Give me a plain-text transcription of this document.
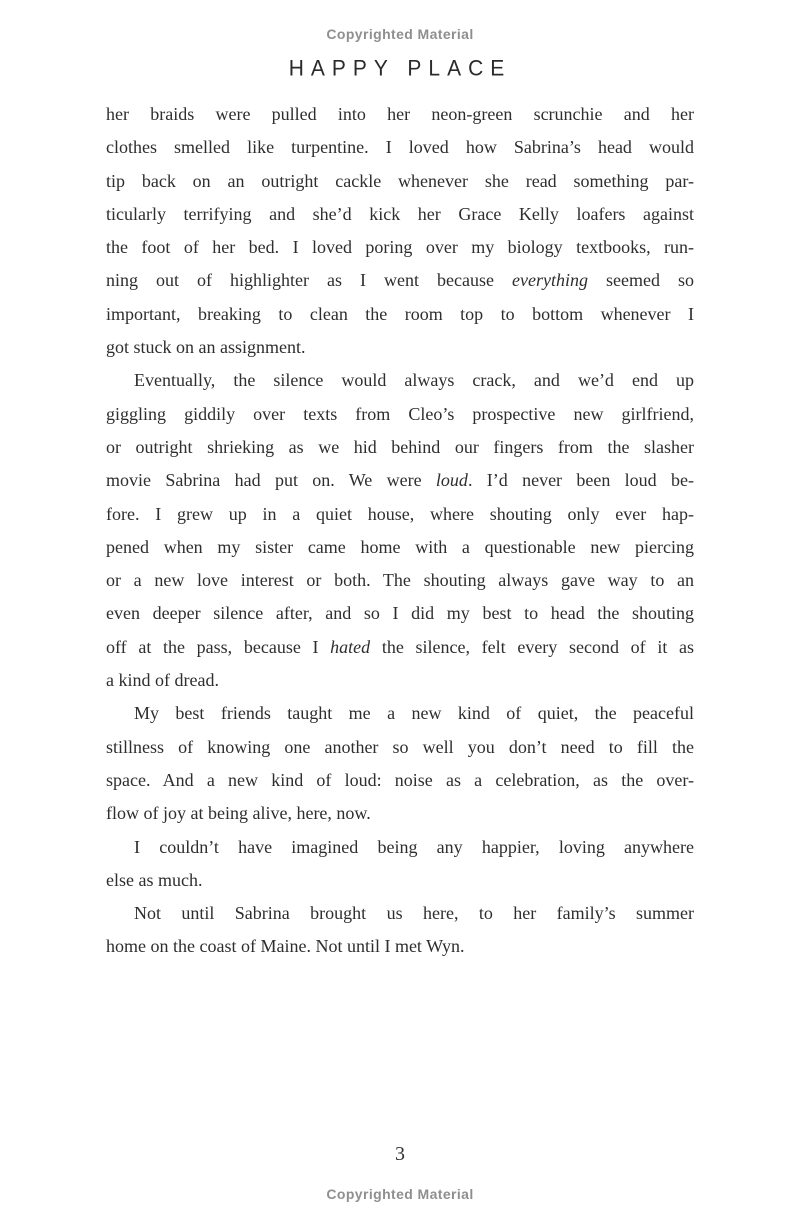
Copyrighted Material
HAPPY PLACE
her braids were pulled into her neon-green scrunchie and her
clothes smelled like turpentine. I loved how Sabrina’s head would
tip back on an outright cackle whenever she read something par-
ticularly terrifying and she’d kick her Grace Kelly loafers against
the foot of her bed. I loved poring over my biology textbooks, run-
ning out of highlighter as I went because everything seemed so
important, breaking to clean the room top to bottom whenever I
got stuck on an assignment.
Eventually, the silence would always crack, and we’d end up
giggling giddily over texts from Cleo’s prospective new girlfriend,
or outright shrieking as we hid behind our fingers from the slasher
movie Sabrina had put on. We were loud. I’d never been loud be-
fore. I grew up in a quiet house, where shouting only ever hap-
pened when my sister came home with a questionable new piercing
or a new love interest or both. The shouting always gave way to an
even deeper silence after, and so I did my best to head the shouting
off at the pass, because I hated the silence, felt every second of it as
a kind of dread.
My best friends taught me a new kind of quiet, the peaceful
stillness of knowing one another so well you don’t need to fill the
space. And a new kind of loud: noise as a celebration, as the over-
flow of joy at being alive, here, now.
I couldn’t have imagined being any happier, loving anywhere
else as much.
Not until Sabrina brought us here, to her family’s summer
home on the coast of Maine. Not until I met Wyn.
3
Copyrighted Material
